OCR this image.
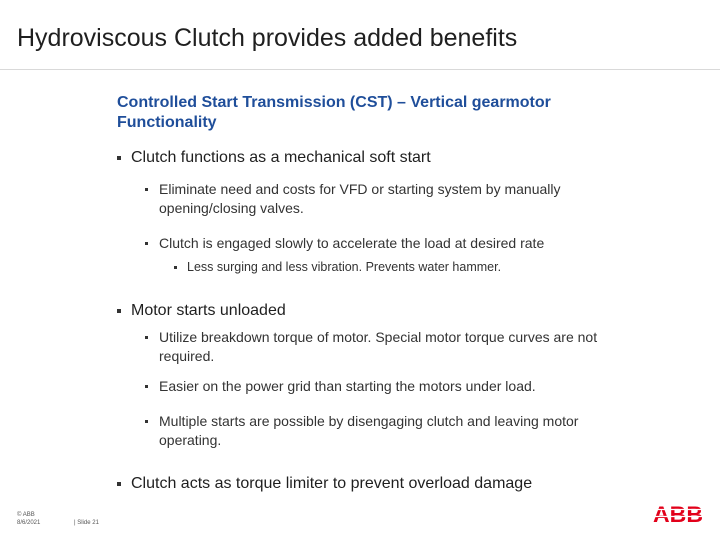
Hydroviscous Clutch provides added benefits
Controlled Start Transmission (CST) – Vertical gearmotor Functionality
Clutch functions as a mechanical soft start
Eliminate need and costs for VFD or starting system by manually opening/closing valves.
Clutch is engaged slowly to accelerate the load at desired rate
Less surging and less vibration. Prevents water hammer.
Motor starts unloaded
Utilize breakdown torque of motor. Special motor torque curves are not required.
Easier on the power grid than starting the motors under load.
Multiple starts are possible by disengaging clutch and leaving motor operating.
Clutch acts as torque limiter to prevent overload damage
© ABB
8/6/2021	| Slide 21	ABB
